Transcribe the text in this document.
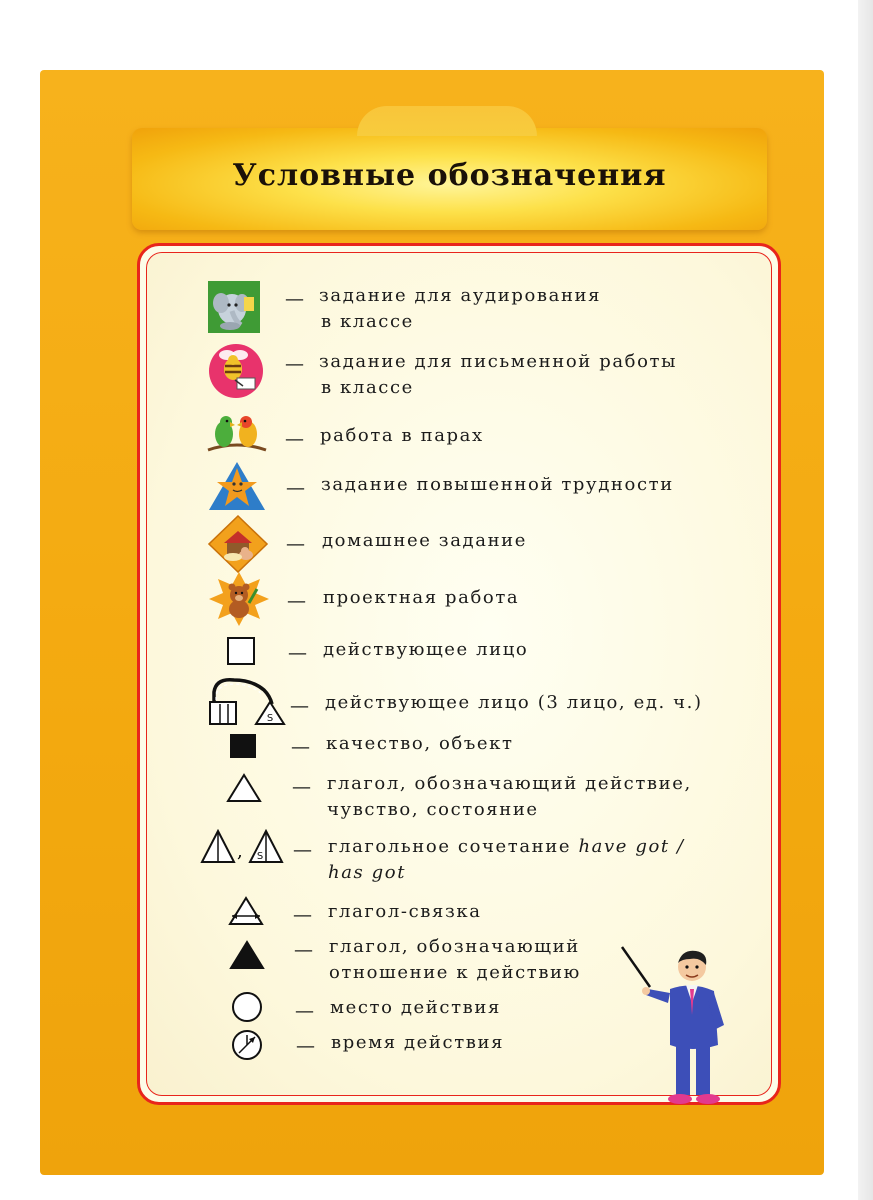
Условные обозначения
— задание для аудирования
в классе
— задание для письменной работы
в классе
— работа в парах
— задание повышенной трудности
— домашнее задание
— проектная работа
— действующее лицо
S
— действующее лицо (3 лицо, ед. ч.)
— качество, объект
— глагол, обозначающий действие,
чувство, состояние
S
,	— глагольное сочетание have got /
has got
— глагол-связка
— глагол, обозначающий
отношение к действию
— место действия
— время действия
